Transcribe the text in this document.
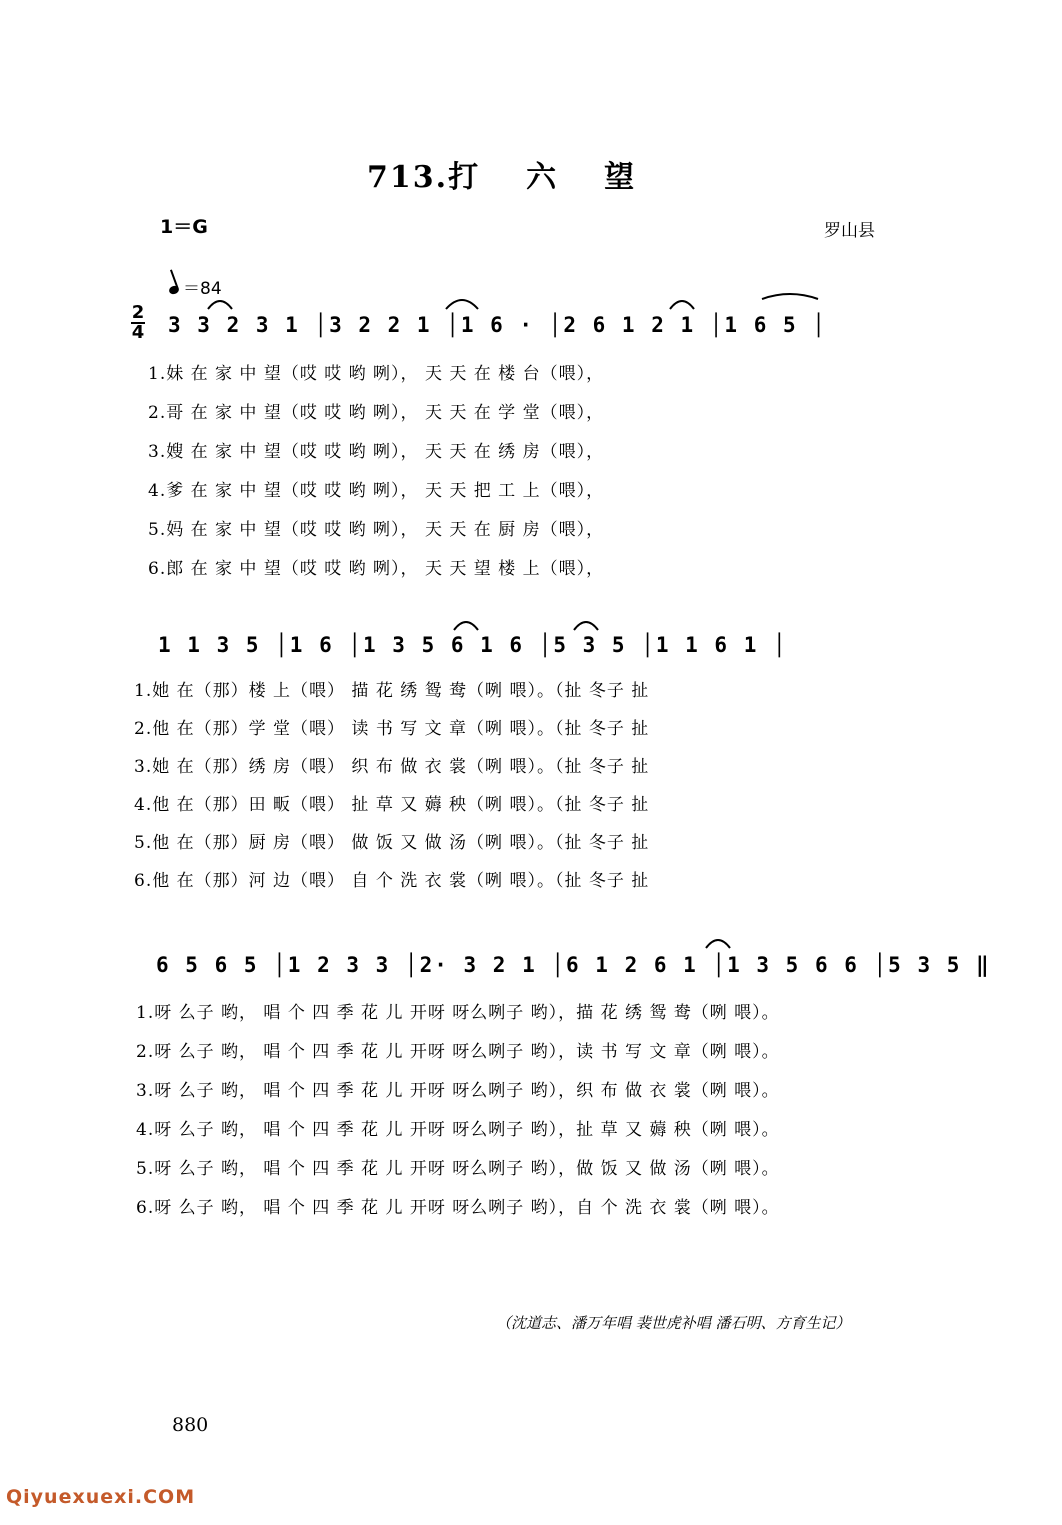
713.打 六 望
1＝G	罗山县
＝84
2
4 3 3 2 3 1 │3 2 2 1 │1 6 · │2 6 1 2 1 │1 6 5 │
1.妹 在 家 中 望（哎 哎 哟 咧）， 天 天 在 楼 台（喂），
2.哥 在 家 中 望（哎 哎 哟 咧）， 天 天 在 学 堂（喂），
3.嫂 在 家 中 望（哎 哎 哟 咧）， 天 天 在 绣 房（喂），
4.爹 在 家 中 望（哎 哎 哟 咧）， 天 天 把 工 上（喂），
5.妈 在 家 中 望（哎 哎 哟 咧）， 天 天 在 厨 房（喂），
6.郎 在 家 中 望（哎 哎 哟 咧）， 天 天 望 楼 上（喂），
1 1 3 5 │1 6 │1 3 5 6 1 6 │5 3 5 │1 1 6 1 │
1.她 在（那）楼 上（喂） 描 花 绣 鸳 鸯（咧 喂）。（扯 冬子 扯
2.他 在（那）学 堂（喂） 读 书 写 文 章（咧 喂）。（扯 冬子 扯
3.她 在（那）绣 房（喂） 织 布 做 衣 裳（咧 喂）。（扯 冬子 扯
4.他 在（那）田 畈（喂） 扯 草 又 薅 秧（咧 喂）。（扯 冬子 扯
5.他 在（那）厨 房（喂） 做 饭 又 做 汤（咧 喂）。（扯 冬子 扯
6.他 在（那）河 边（喂） 自 个 洗 衣 裳（咧 喂）。（扯 冬子 扯
6 5 6 5 │1 2 3 3 │2· 3 2 1 │6 1 2 6 1 │1 3 5 6 6 │5 3 5 ‖
1.呀 么子 哟， 唱 个 四 季 花 儿 开呀 呀么咧子 哟），描 花 绣 鸳 鸯（咧 喂）。
2.呀 么子 哟， 唱 个 四 季 花 儿 开呀 呀么咧子 哟），读 书 写 文 章（咧 喂）。
3.呀 么子 哟， 唱 个 四 季 花 儿 开呀 呀么咧子 哟），织 布 做 衣 裳（咧 喂）。
4.呀 么子 哟， 唱 个 四 季 花 儿 开呀 呀么咧子 哟），扯 草 又 薅 秧（咧 喂）。
5.呀 么子 哟， 唱 个 四 季 花 儿 开呀 呀么咧子 哟），做 饭 又 做 汤（咧 喂）。
6.呀 么子 哟， 唱 个 四 季 花 儿 开呀 呀么咧子 哟），自 个 洗 衣 裳（咧 喂）。
（沈道志、潘万年唱 裴世虎补唱 潘石明、方育生记）
880
Qiyuexuexi.COM
